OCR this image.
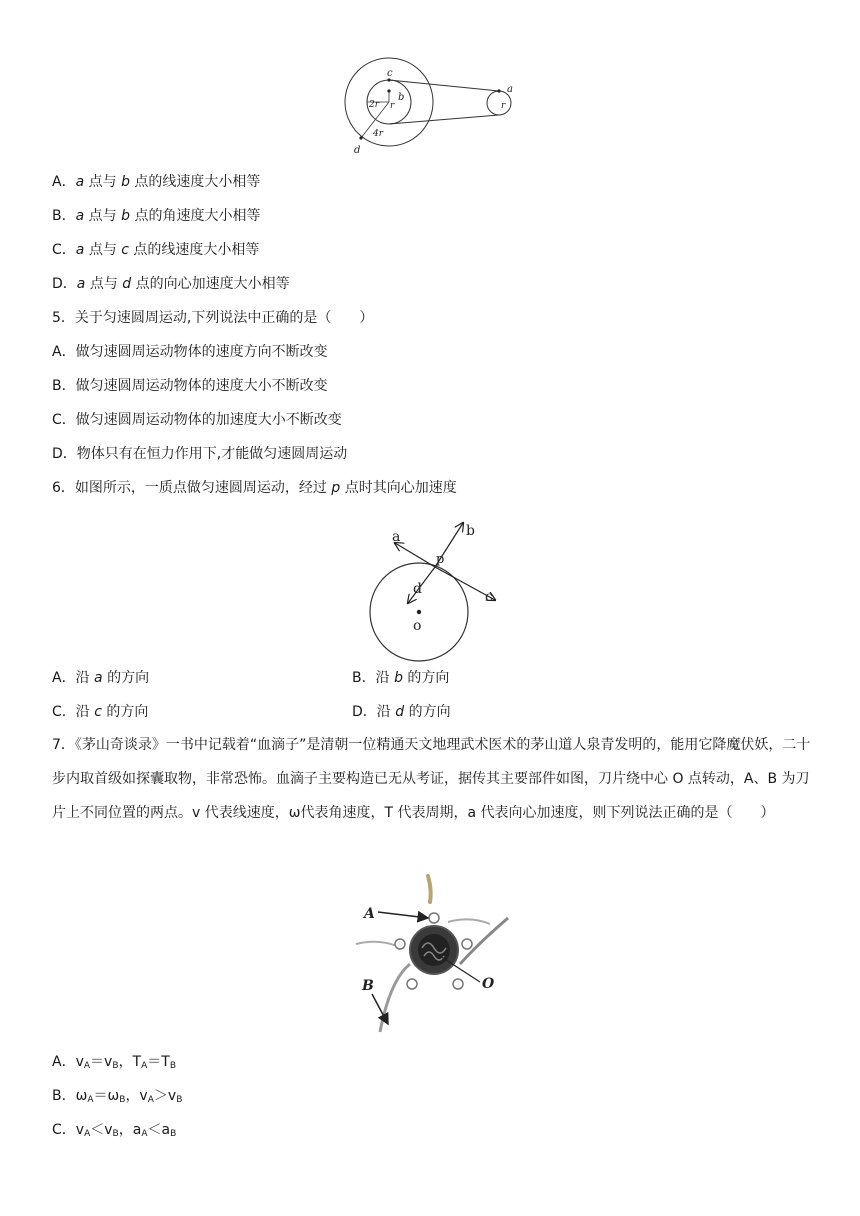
c
b
r
2r
4r
d
a
r
A．a 点与 b 点的线速度大小相等
B．a 点与 b 点的角速度大小相等
C．a 点与 c 点的线速度大小相等
D．a 点与 d 点的向心加速度大小相等
5．关于匀速圆周运动,下列说法中正确的是（　　）
A．做匀速圆周运动物体的速度方向不断改变
B．做匀速圆周运动物体的速度大小不断改变
C．做匀速圆周运动物体的加速度大小不断改变
D．物体只有在恒力作用下,才能做匀速圆周运动
6．如图所示，一质点做匀速圆周运动，经过 p 点时其向心加速度
a	b
c
d
p
o
A．沿 a 的方向	B．沿 b 的方向
C．沿 c 的方向	D．沿 d 的方向
7．《茅山奇谈录》一书中记载着“血滴子”是清朝一位精通天文地理武术医术的茅山道人泉青发明的，能用它降魔伏妖，二十步内取首级如探囊取物，非常恐怖。血滴子主要构造已无从考证，据传其主要部件如图，刀片绕中心 O 点转动，A、B 为刀片上不同位置的两点。v 代表线速度，ω代表角速度，T 代表周期，a 代表向心加速度，则下列说法正确的是（　　）
A
B	O
A．$v_A=v_B$，$T_A=T_B$
B．$\omega_A=\omega_B$，$v_A>v_B$
C．$v_A<v_B$，$a_A<a_B$
